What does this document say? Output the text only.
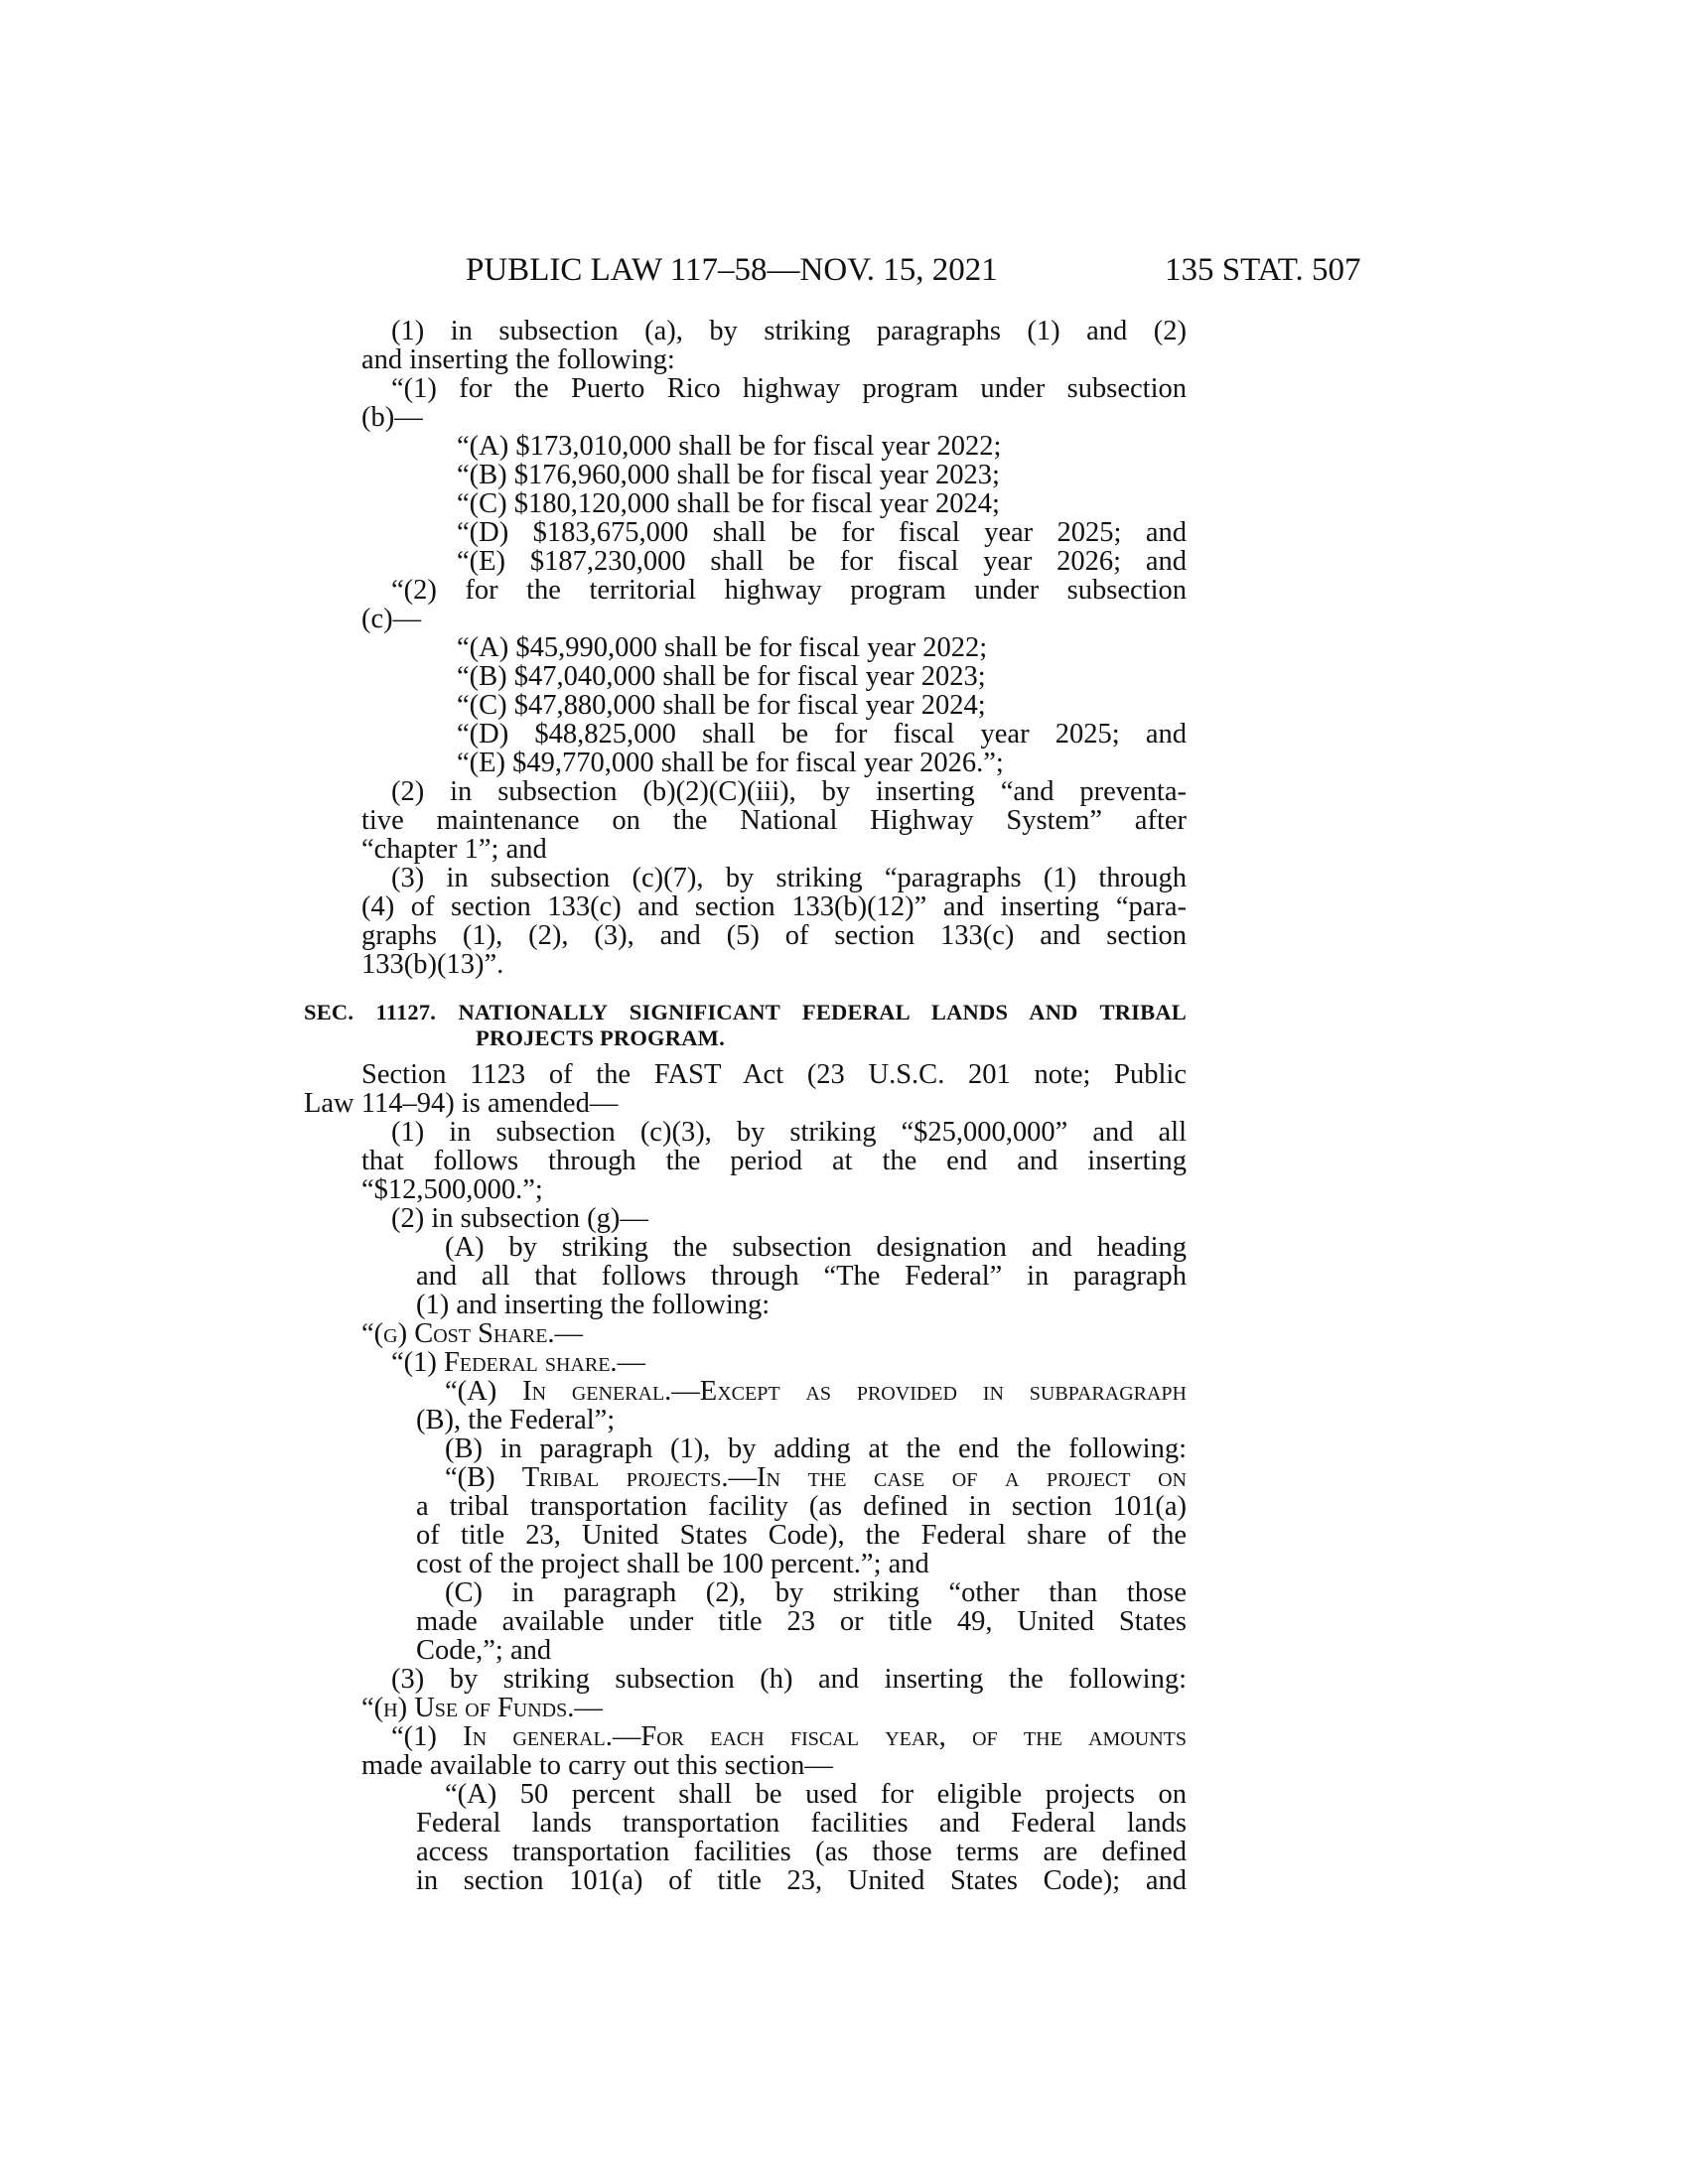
PUBLIC LAW 117–58—NOV. 15, 2021	135 STAT. 507
(1) in subsection (a), by striking paragraphs (1) and (2)
and inserting the following:
“(1) for the Puerto Rico highway program under subsection
(b)—
“(A) $173,010,000 shall be for fiscal year 2022;
“(B) $176,960,000 shall be for fiscal year 2023;
“(C) $180,120,000 shall be for fiscal year 2024;
“(D) $183,675,000 shall be for fiscal year 2025; and
“(E) $187,230,000 shall be for fiscal year 2026; and
“(2) for the territorial highway program under subsection
(c)—
“(A) $45,990,000 shall be for fiscal year 2022;
“(B) $47,040,000 shall be for fiscal year 2023;
“(C) $47,880,000 shall be for fiscal year 2024;
“(D) $48,825,000 shall be for fiscal year 2025; and
“(E) $49,770,000 shall be for fiscal year 2026.”;
(2) in subsection (b)(2)(C)(iii), by inserting “and preventa-
tive maintenance on the National Highway System” after
“chapter 1”; and
(3) in subsection (c)(7), by striking “paragraphs (1) through
(4) of section 133(c) and section 133(b)(12)” and inserting “para-
graphs (1), (2), (3), and (5) of section 133(c) and section
133(b)(13)”.
SEC. 11127. NATIONALLY SIGNIFICANT FEDERAL LANDS AND TRIBAL
PROJECTS PROGRAM.
Section 1123 of the FAST Act (23 U.S.C. 201 note; Public
Law 114–94) is amended—
(1) in subsection (c)(3), by striking “$25,000,000” and all
that follows through the period at the end and inserting
“$12,500,000.”;
(2) in subsection (g)—
(A) by striking the subsection designation and heading
and all that follows through “The Federal” in paragraph
(1) and inserting the following:
“(g) Cost Share.—
“(1) Federal share.—
“(A) In general.—Except as provided in subparagraph
(B), the Federal”;
(B) in paragraph (1), by adding at the end the following:
“(B) Tribal projects.—In the case of a project on
a tribal transportation facility (as defined in section 101(a)
of title 23, United States Code), the Federal share of the
cost of the project shall be 100 percent.”; and
(C) in paragraph (2), by striking “other than those
made available under title 23 or title 49, United States
Code,”; and
(3) by striking subsection (h) and inserting the following:
“(h) Use of Funds.—
“(1) In general.—For each fiscal year, of the amounts
made available to carry out this section—
“(A) 50 percent shall be used for eligible projects on
Federal lands transportation facilities and Federal lands
access transportation facilities (as those terms are defined
in section 101(a) of title 23, United States Code); and
